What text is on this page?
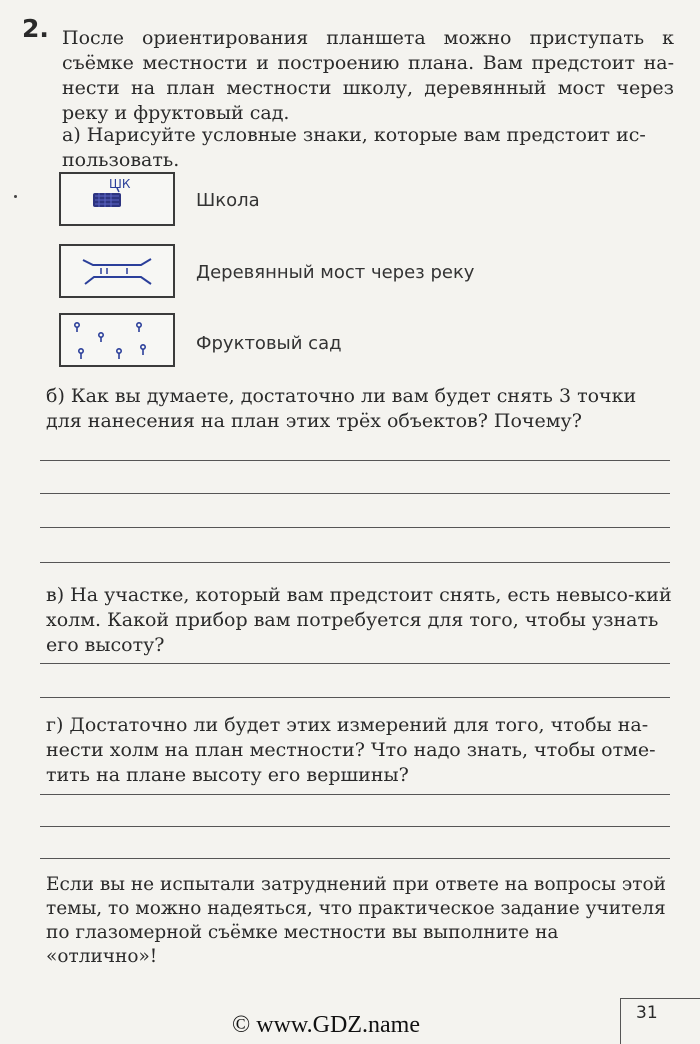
2. После ориентирования планшета можно приступать к съёмке местности и построению плана. Вам предстоит на-нести на план местности школу, деревянный мост через реку и фруктовый сад.

а) Нарисуйте условные знаки, которые вам предстоит ис-пользовать.

ШК
Школа
Деревянный мост через реку
Фруктовый сад

б) Как вы думаете, достаточно ли вам будет снять 3 точки для нанесения на план этих трёх объектов? Почему?

в) На участке, который вам предстоит снять, есть невысо-кий холм. Какой прибор вам потребуется для того, чтобы узнать его высоту?

г) Достаточно ли будет этих измерений для того, чтобы на-нести холм на план местности? Что надо знать, чтобы отме-тить на плане высоту его вершины?

Если вы не испытали затруднений при ответе на вопросы этой темы, то можно надеяться, что практическое задание учителя по глазомерной съёмке местности вы выполните на «отлично»!

31
© www.GDZ.name
